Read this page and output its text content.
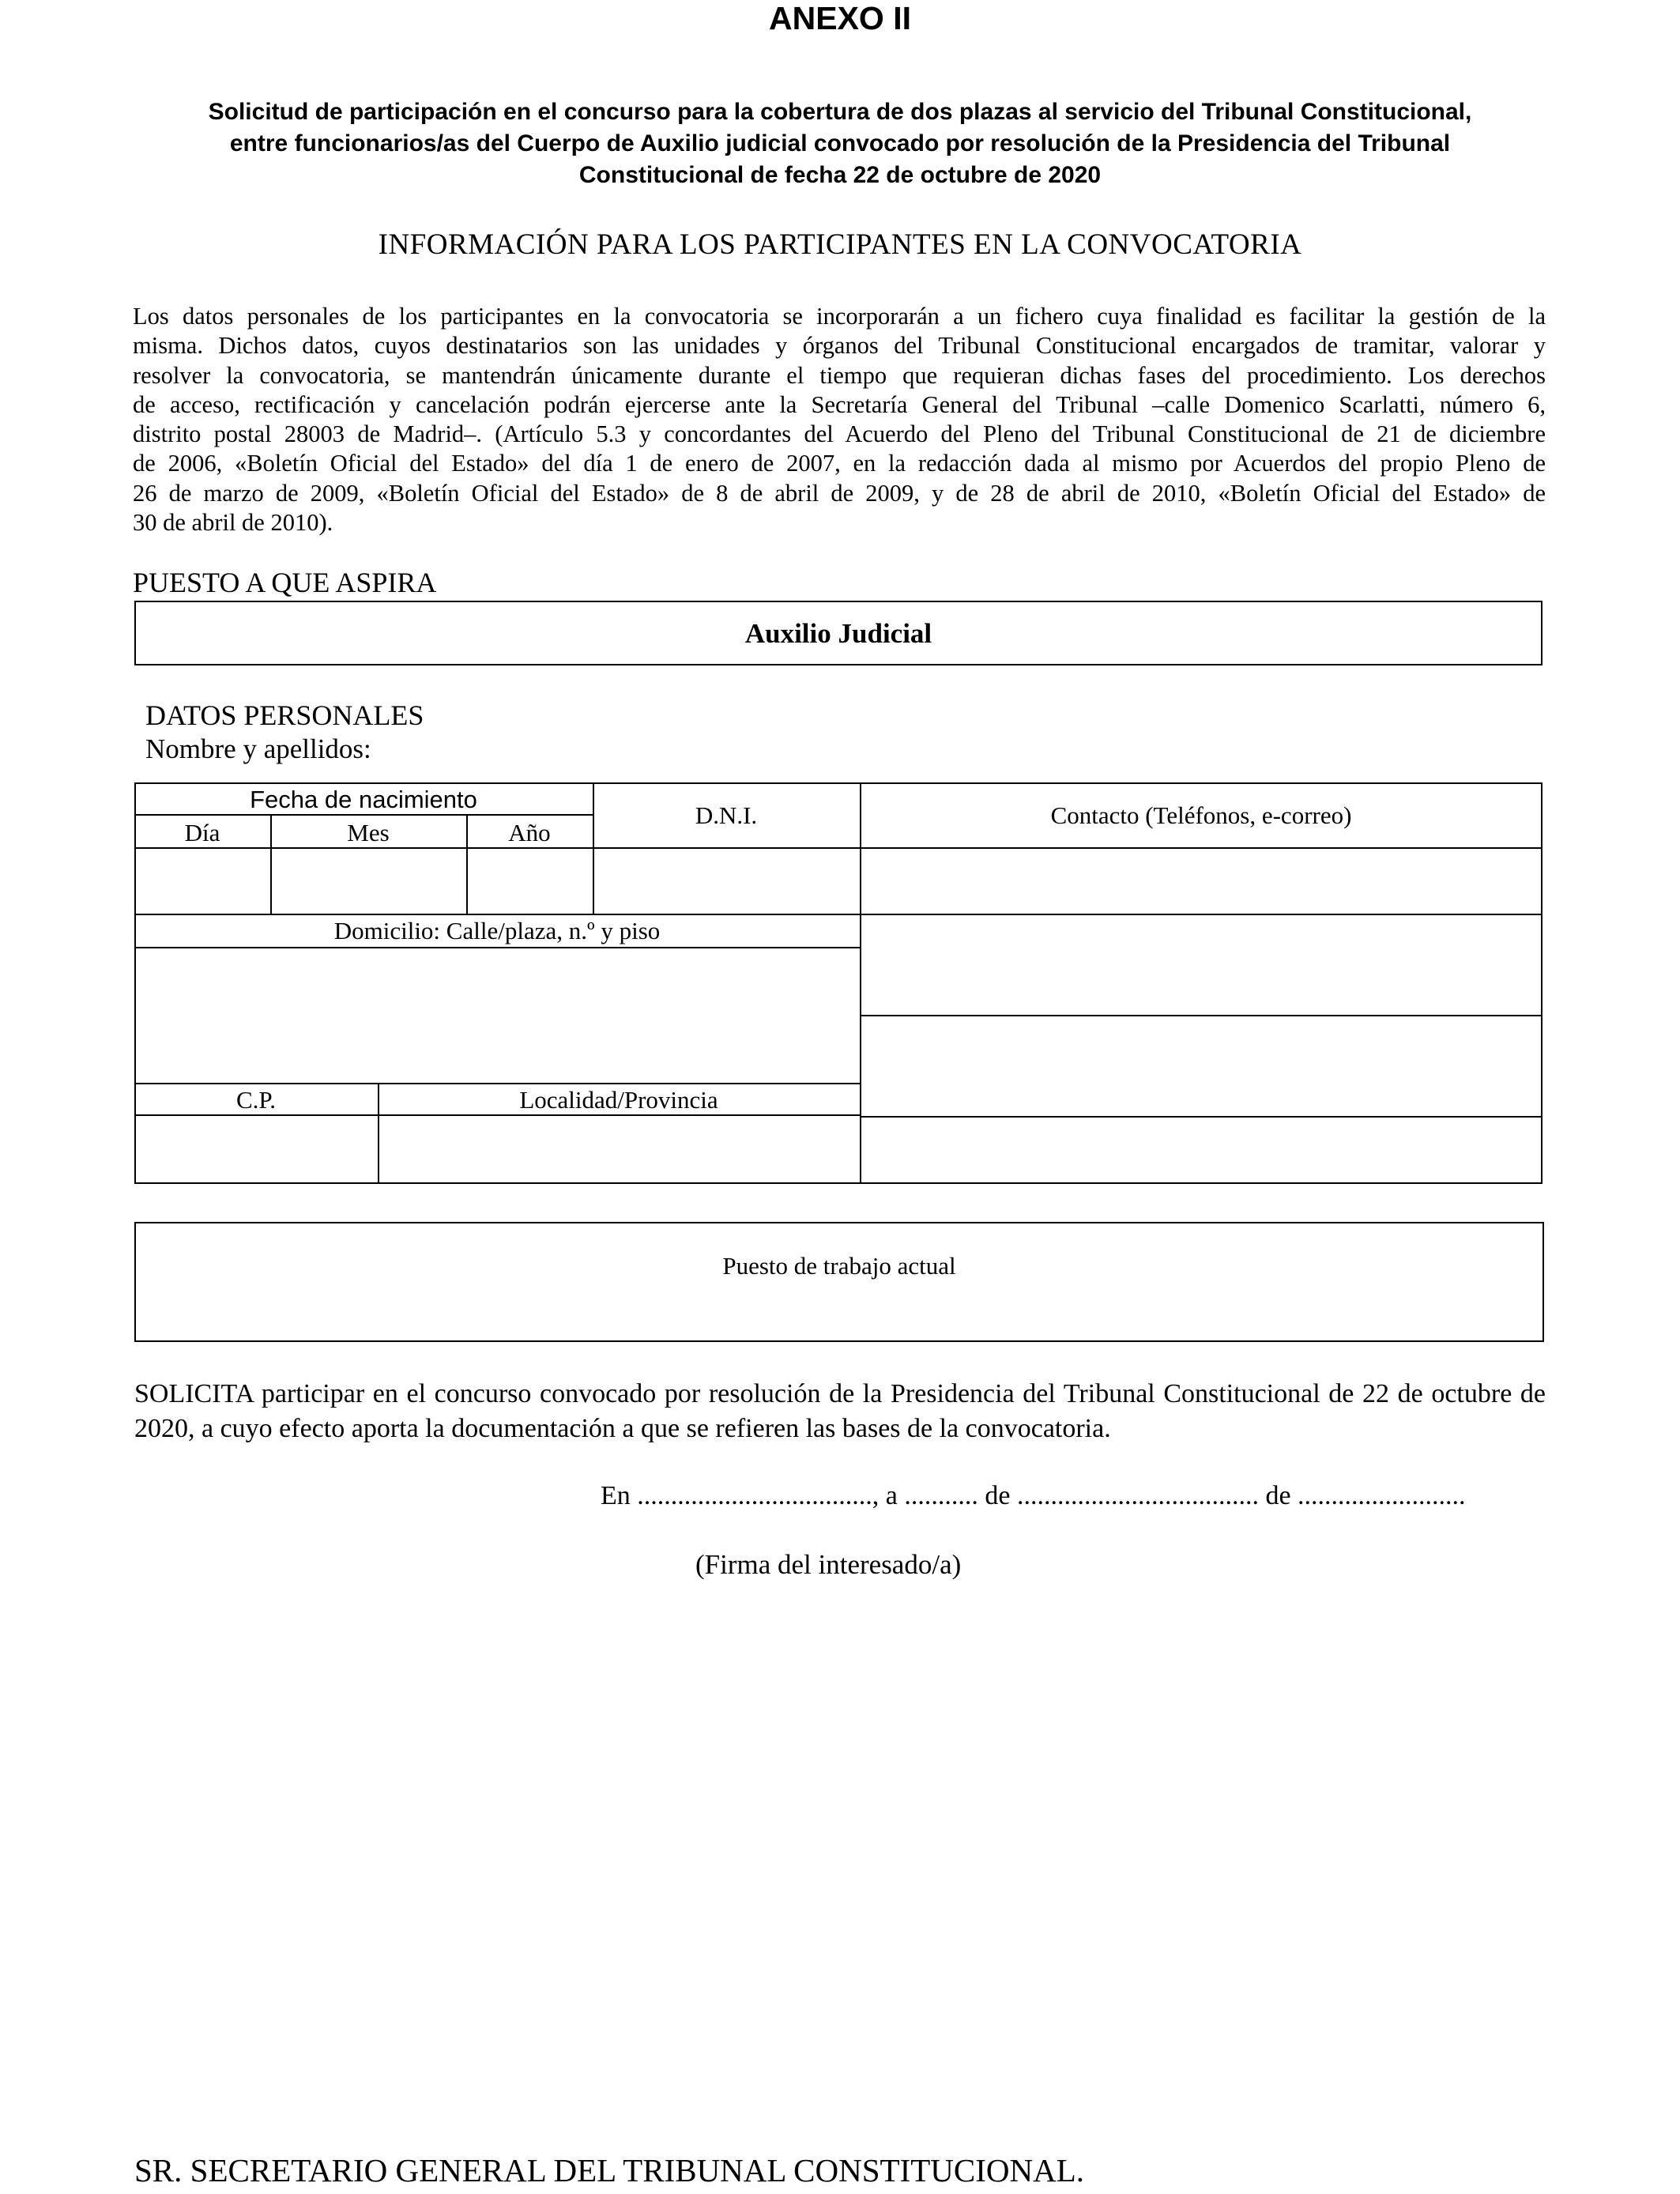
ANEXO II
Solicitud de participación en el concurso para la cobertura de dos plazas al servicio del Tribunal Constitucional,
entre funcionarios/as del Cuerpo de Auxilio judicial convocado por resolución de la Presidencia del Tribunal
Constitucional de fecha 22 de octubre de 2020
INFORMACIÓN PARA LOS PARTICIPANTES EN LA CONVOCATORIA
Los datos personales de los participantes en la convocatoria se incorporarán a un fichero cuya finalidad es facilitar la gestión de la
misma. Dichos datos, cuyos destinatarios son las unidades y órganos del Tribunal Constitucional encargados de tramitar, valorar y
resolver la convocatoria, se mantendrán únicamente durante el tiempo que requieran dichas fases del procedimiento. Los derechos
de acceso, rectificación y cancelación podrán ejercerse ante la Secretaría General del Tribunal –calle Domenico Scarlatti, número 6,
distrito postal 28003 de Madrid–. (Artículo 5.3 y concordantes del Acuerdo del Pleno del Tribunal Constitucional de 21 de diciembre
de 2006, «Boletín Oficial del Estado» del día 1 de enero de 2007, en la redacción dada al mismo por Acuerdos del propio Pleno de
26 de marzo de 2009, «Boletín Oficial del Estado» de 8 de abril de 2009, y de 28 de abril de 2010, «Boletín Oficial del Estado» de
30 de abril de 2010).
PUESTO A QUE ASPIRA
Auxilio Judicial
DATOS PERSONALES
Nombre y apellidos:
Fecha de nacimiento
Día	Mes	Año
D.N.I.	Contacto (Teléfonos, e-correo)
Domicilio: Calle/plaza, n.º y piso
C.P.	Localidad/Provincia
Puesto de trabajo actual
SOLICITA participar en el concurso convocado por resolución de la Presidencia del Tribunal Constitucional de 22 de octubre de 2020, a cuyo efecto aporta la documentación a que se refieren las bases de la convocatoria.
En ..................................., a ........... de .................................... de .........................
(Firma del interesado/a)
SR. SECRETARIO GENERAL DEL TRIBUNAL CONSTITUCIONAL.
